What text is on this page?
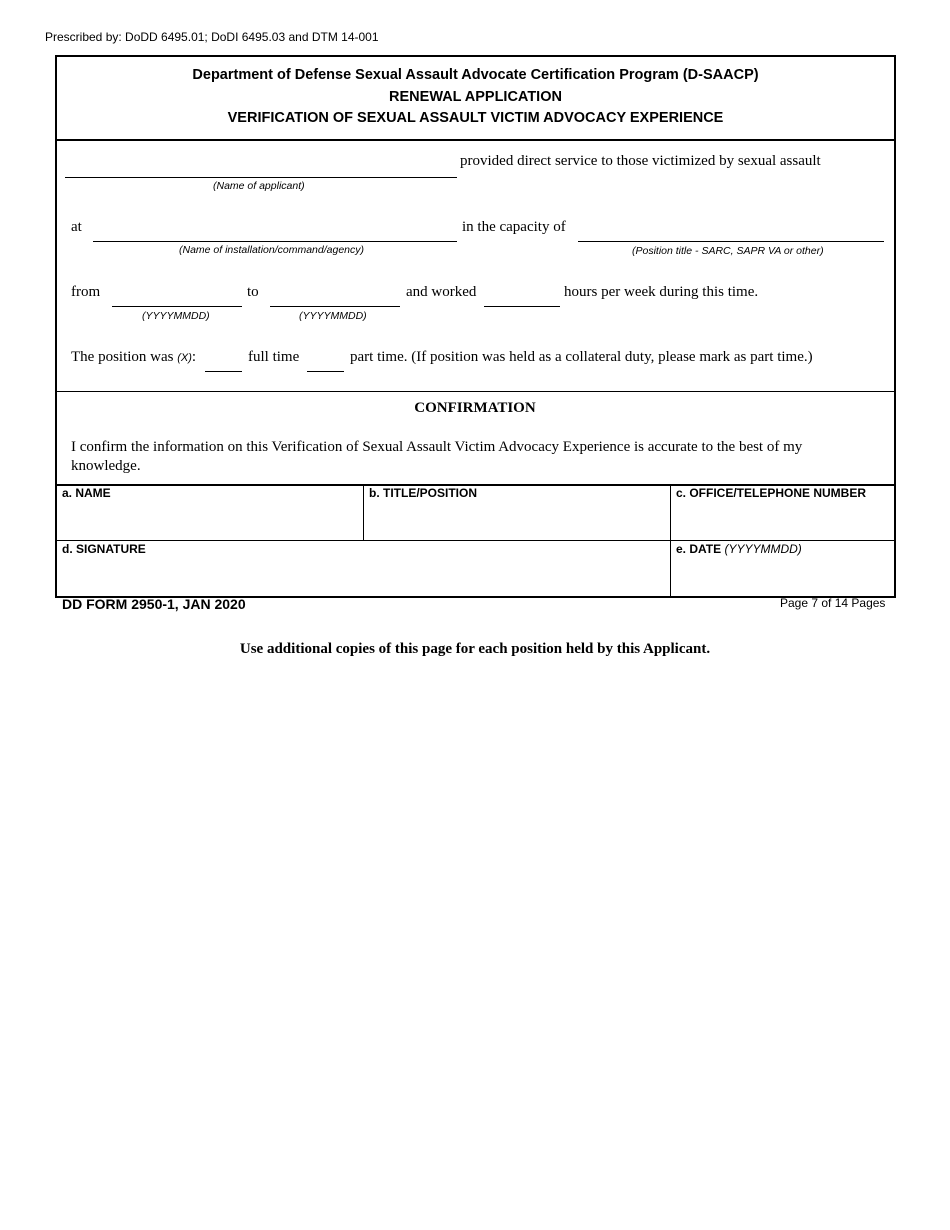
Prescribed by: DoDD 6495.01; DoDI 6495.03 and DTM 14-001
Department of Defense Sexual Assault Advocate Certification Program (D-SAACP)
RENEWAL APPLICATION
VERIFICATION OF SEXUAL ASSAULT VICTIM ADVOCACY EXPERIENCE
provided direct service to those victimized by sexual assault
(Name of applicant)
at
(Name of installation/command/agency)
in the capacity of
(Position title - SARC, SAPR VA or other)
from
(YYYYMMDD)
to
(YYYYMMDD)
and worked	hours per week during this time.
The position was (X):	full time	part time. (If position was held as a collateral duty, please mark as part time.)
CONFIRMATION
I confirm the information on this Verification of Sexual Assault Victim Advocacy Experience is accurate to the best of my knowledge.
a. NAME	b. TITLE/POSITION	c. OFFICE/TELEPHONE NUMBER
d. SIGNATURE	e. DATE (YYYYMMDD)
DD FORM 2950-1, JAN 2020	Page 7 of 14 Pages
Use additional copies of this page for each position held by this Applicant.
